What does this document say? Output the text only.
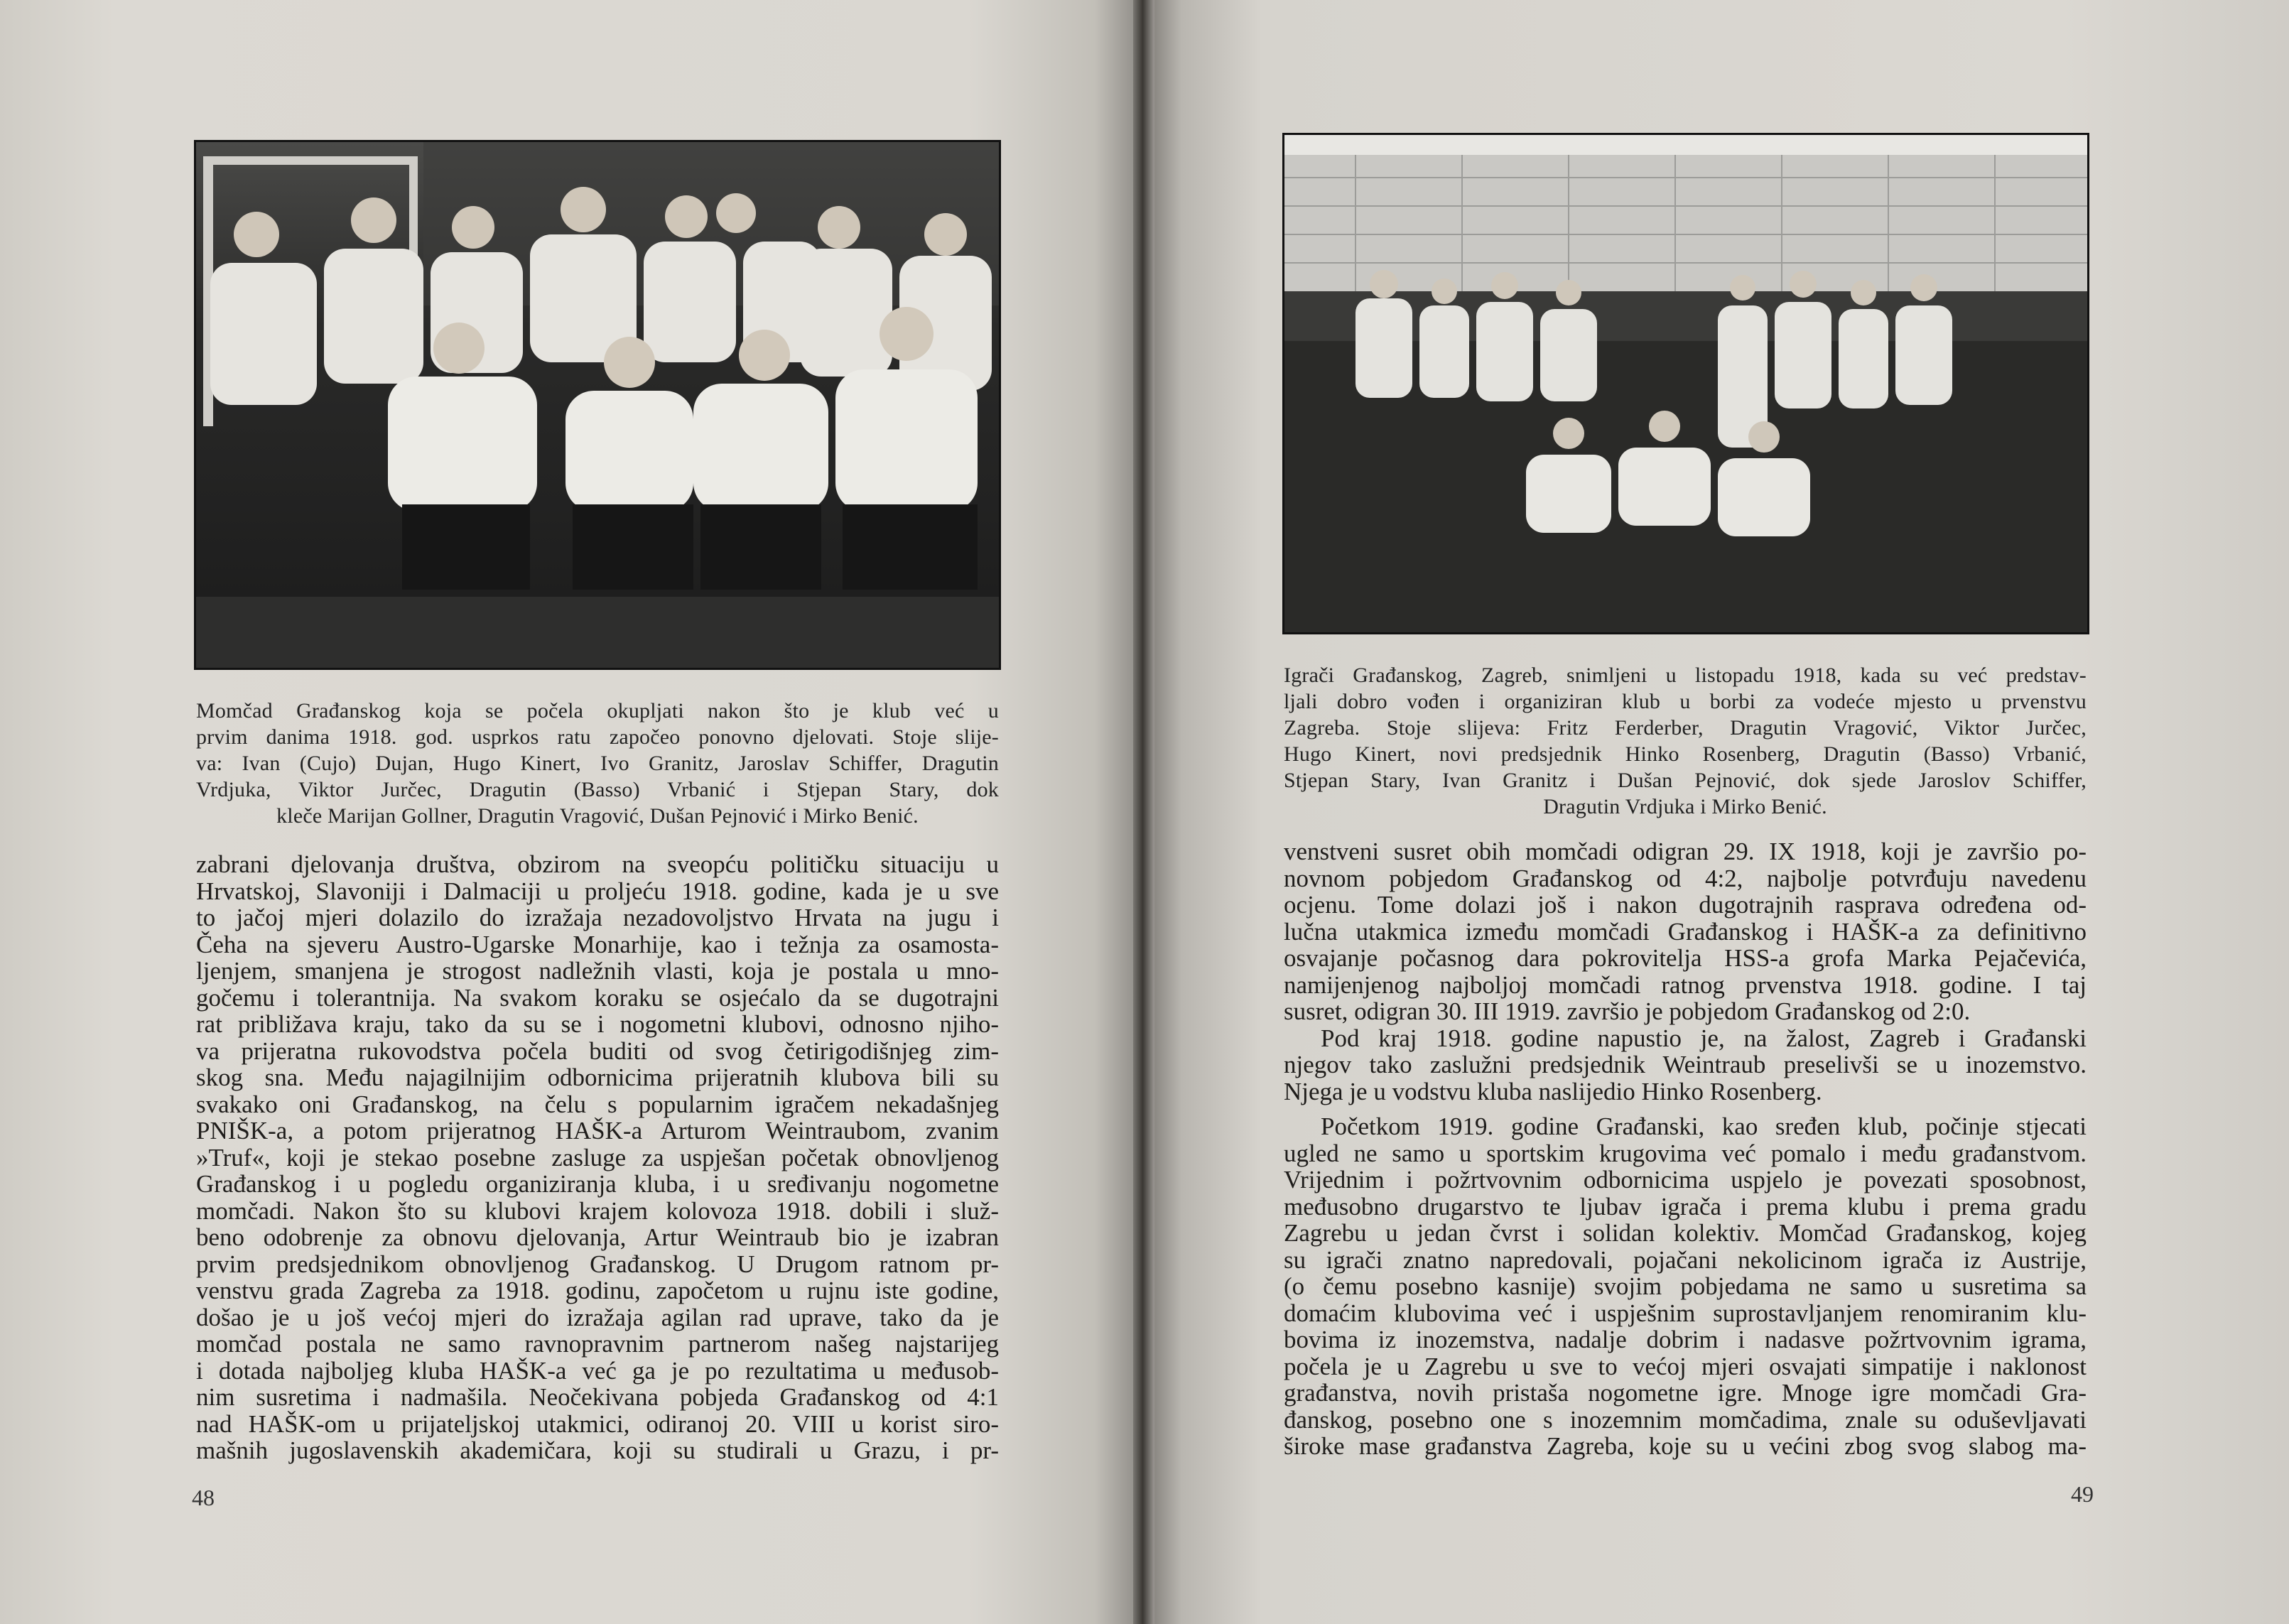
Momčad Građanskog koja se počela okupljati nakon što je klub već u
prvim danima 1918. god. usprkos ratu započeo ponovno djelovati. Stoje slije-
va: Ivan (Cujo) Dujan, Hugo Kinert, Ivo Granitz, Jaroslav Schiffer, Dragutin
Vrdjuka, Viktor Jurčec, Dragutin (Basso) Vrbanić i Stjepan Stary, dok
kleče Marijan Gollner, Dragutin Vragović, Dušan Pejnović i Mirko Benić.
zabrani djelovanja društva, obzirom na sveopću političku situaciju u
Hrvatskoj, Slavoniji i Dalmaciji u proljeću 1918. godine, kada je u sve
to jačoj mjeri dolazilo do izražaja nezadovoljstvo Hrvata na jugu i
Čeha na sjeveru Austro-Ugarske Monarhije, kao i težnja za osamosta-
ljenjem, smanjena je strogost nadležnih vlasti, koja je postala u mno-
gočemu i tolerantnija. Na svakom koraku se osjećalo da se dugotrajni
rat približava kraju, tako da su se i nogometni klubovi, odnosno njiho-
va prijeratna rukovodstva počela buditi od svog četirigodišnjeg zim-
skog sna. Među najagilnijim odbornicima prijeratnih klubova bili su
svakako oni Građanskog, na čelu s popularnim igračem nekadašnjeg
PNIŠK-a, a potom prijeratnog HAŠK-a Arturom Weintraubom, zvanim
»Truf«, koji je stekao posebne zasluge za uspješan početak obnovljenog
Građanskog i u pogledu organiziranja kluba, i u sređivanju nogometne
momčadi. Nakon što su klubovi krajem kolovoza 1918. dobili i služ-
beno odobrenje za obnovu djelovanja, Artur Weintraub bio je izabran
prvim predsjednikom obnovljenog Građanskog. U Drugom ratnom pr-
venstvu grada Zagreba za 1918. godinu, započetom u rujnu iste godine,
došao je u još većoj mjeri do izražaja agilan rad uprave, tako da je
momčad postala ne samo ravnopravnim partnerom našeg najstarijeg
i dotada najboljeg kluba HAŠK-a već ga je po rezultatima u međusob-
nim susretima i nadmašila. Neočekivana pobjeda Građanskog od 4:1
nad HAŠK-om u prijateljskoj utakmici, odiranoj 20. VIII u korist siro-
mašnih jugoslavenskih akademičara, koji su studirali u Grazu, i pr-
48
Igrači Građanskog, Zagreb, snimljeni u listopadu 1918, kada su već predstav-
ljali dobro vođen i organiziran klub u borbi za vodeće mjesto u prvenstvu
Zagreba. Stoje slijeva: Fritz Ferderber, Dragutin Vragović, Viktor Jurčec,
Hugo Kinert, novi predsjednik Hinko Rosenberg, Dragutin (Basso) Vrbanić,
Stjepan Stary, Ivan Granitz i Dušan Pejnović, dok sjede Jaroslov Schiffer,
Dragutin Vrdjuka i Mirko Benić.
venstveni susret obih momčadi odigran 29. IX 1918, koji je završio po-
novnom pobjedom Građanskog od 4:2, najbolje potvrđuju navedenu
ocjenu. Tome dolazi još i nakon dugotrajnih rasprava određena od-
lučna utakmica između momčadi Građanskog i HAŠK-a za definitivno
osvajanje počasnog dara pokroviteljа HSS-a grofa Marka Pejačevića,
namijenjenog najboljoj momčadi ratnog prvenstva 1918. godine. I taj
susret, odigran 30. III 1919. završio je pobjedom Građanskog od 2:0.
Pod kraj 1918. godine napustio je, na žalost, Zagreb i Građanski
njegov tako zaslužni predsjednik Weintraub preselivši se u inozemstvo.
Njega je u vodstvu kluba naslijedio Hinko Rosenberg.
Početkom 1919. godine Građanski, kao sređen klub, počinje stjecati
ugled ne samo u sportskim krugovima već pomalo i među građanstvom.
Vrijednim i požrtvovnim odbornicima uspjelo je povezati sposobnost,
međusobno drugarstvo te ljubav igrača i prema klubu i prema gradu
Zagrebu u jedan čvrst i solidan kolektiv. Momčad Građanskog, kojeg
su igrači znatno napredovali, pojačani nekolicinom igrača iz Austrije,
(o čemu posebno kasnije) svojim pobjedama ne samo u susretima sa
domaćim klubovima već i uspješnim suprostavljanjem renomiranim klu-
bovima iz inozemstva, nadalje dobrim i nadasve požrtvovnim igrama,
počela je u Zagrebu u sve to većoj mjeri osvajati simpatije i naklonost
građanstva, novih pristaša nogometne igre. Mnoge igre momčadi Gra-
đanskog, posebno one s inozemnim momčadima, znale su oduševljavati
široke mase građanstva Zagreba, koje su u većini zbog svog slabog ma-
49
